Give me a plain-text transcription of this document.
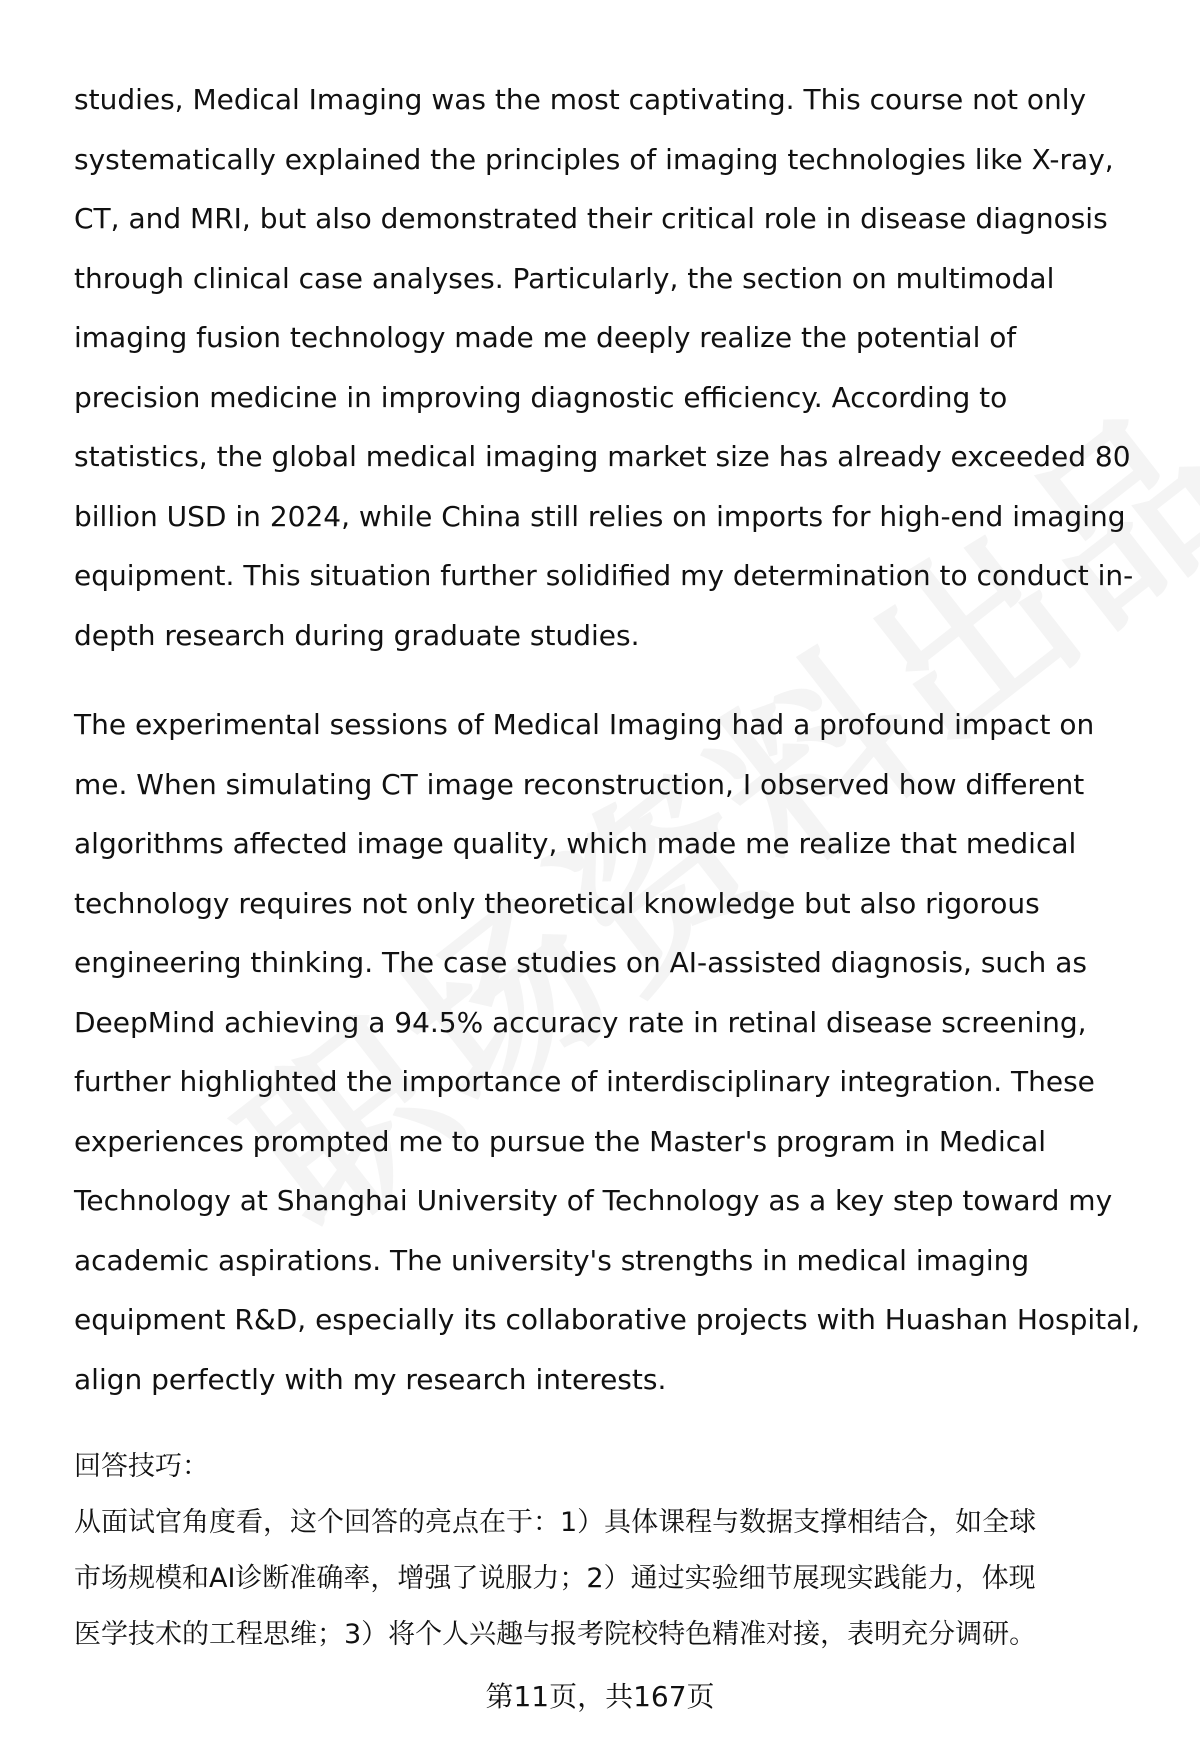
studies, Medical Imaging was the most captivating. This course not only
systematically explained the principles of imaging technologies like X-ray,
CT, and MRI, but also demonstrated their critical role in disease diagnosis
through clinical case analyses. Particularly, the section on multimodal
imaging fusion technology made me deeply realize the potential of
precision medicine in improving diagnostic efficiency. According to
statistics, the global medical imaging market size has already exceeded 80
billion USD in 2024, while China still relies on imports for high-end imaging
equipment. This situation further solidified my determination to conduct in-
depth research during graduate studies.
The experimental sessions of Medical Imaging had a profound impact on
me. When simulating CT image reconstruction, I observed how different
algorithms affected image quality, which made me realize that medical
technology requires not only theoretical knowledge but also rigorous
engineering thinking. The case studies on AI-assisted diagnosis, such as
DeepMind achieving a 94.5% accuracy rate in retinal disease screening,
further highlighted the importance of interdisciplinary integration. These
experiences prompted me to pursue the Master's program in Medical
Technology at Shanghai University of Technology as a key step toward my
academic aspirations. The university's strengths in medical imaging
equipment R&D, especially its collaborative projects with Huashan Hospital,
align perfectly with my research interests.
回答技巧：
从面试官角度看，这个回答的亮点在于：1）具体课程与数据支撑相结合，如全球
市场规模和AI诊断准确率，增强了说服力；2）通过实验细节展现实践能力，体现
医学技术的工程思维；3）将个人兴趣与报考院校特色精准对接，表明充分调研。
第11页，共167页
